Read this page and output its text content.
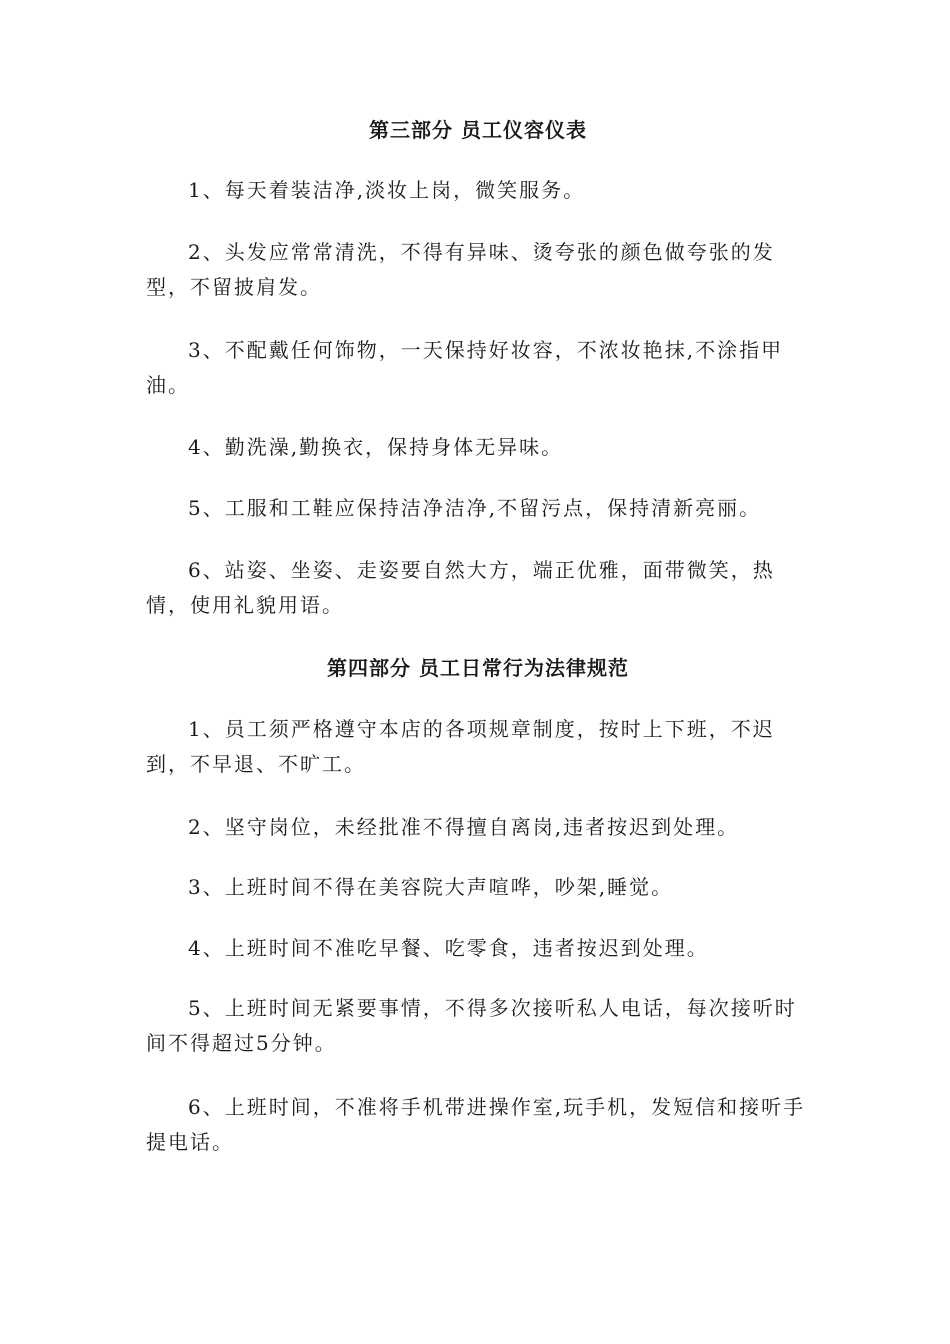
第三部分 员工仪容仪表
1、每天着装洁净,淡妆上岗，微笑服务。
2、头发应常常清洗，不得有异味、烫夸张的颜色做夸张的发型，不留披肩发。
3、不配戴任何饰物，一天保持好妆容，不浓妆艳抹,不涂指甲油。
4、勤洗澡,勤换衣，保持身体无异味。
5、工服和工鞋应保持洁净洁净,不留污点，保持清新亮丽。
6、站姿、坐姿、走姿要自然大方，端正优雅，面带微笑，热情，使用礼貌用语。
第四部分 员工日常行为法律规范
1、员工须严格遵守本店的各项规章制度，按时上下班，不迟到，不早退、不旷工。
2、坚守岗位，未经批准不得擅自离岗,违者按迟到处理。
3、上班时间不得在美容院大声喧哗，吵架,睡觉。
4、上班时间不准吃早餐、吃零食，违者按迟到处理。
5、上班时间无紧要事情，不得多次接听私人电话，每次接听时间不得超过5分钟。
6、上班时间，不准将手机带进操作室,玩手机，发短信和接听手提电话。
